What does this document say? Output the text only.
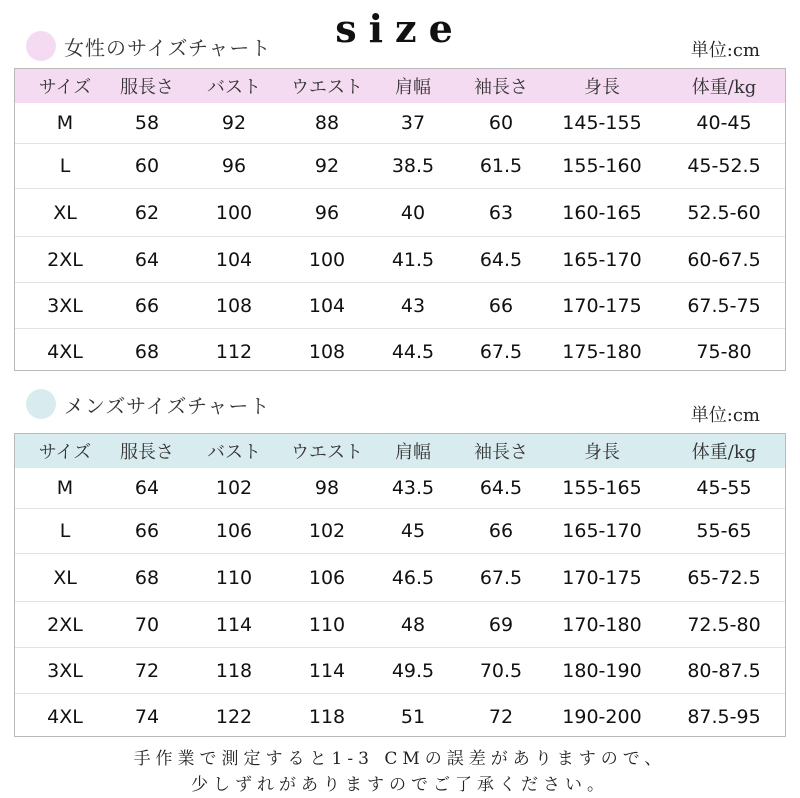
size
女性のサイズチャート	単位:cm
サイズ	服長さ	バスト	ウエスト	肩幅	袖長さ	身長	体重/kg
M	58	92	88	37	60	145-155	40-45
L	60	96	92	38.5	61.5	155-160	45-52.5
XL	62	100	96	40	63	160-165	52.5-60
2XL	64	104	100	41.5	64.5	165-170	60-67.5
3XL	66	108	104	43	66	170-175	67.5-75
4XL	68	112	108	44.5	67.5	175-180	75-80
メンズサイズチャート	単位:cm
サイズ	服長さ	バスト	ウエスト	肩幅	袖長さ	身長	体重/kg
M	64	102	98	43.5	64.5	155-165	45-55
L	66	106	102	45	66	165-170	55-65
XL	68	110	106	46.5	67.5	170-175	65-72.5
2XL	70	114	110	48	69	170-180	72.5-80
3XL	72	118	114	49.5	70.5	180-190	80-87.5
4XL	74	122	118	51	72	190-200	87.5-95
手作業で測定すると1-3 CMの誤差がありますので、
少しずれがありますのでご了承ください。
